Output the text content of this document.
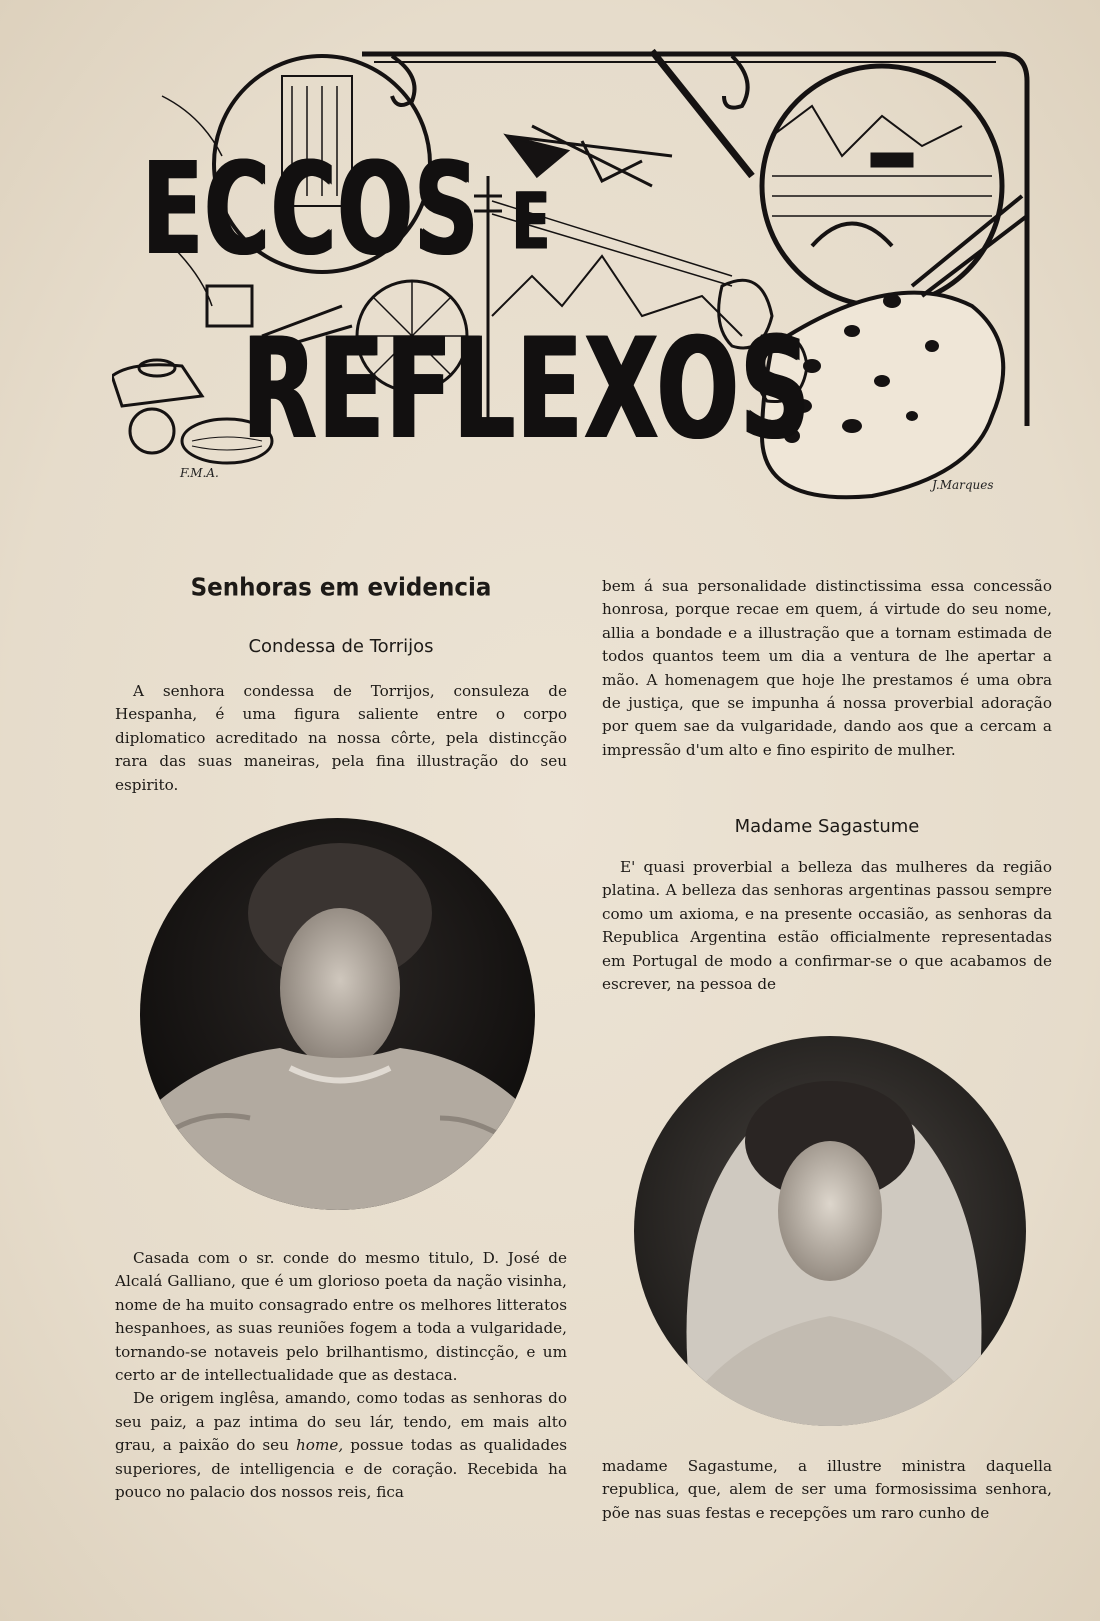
ECCOS E
REFLEXOS
F.M.A.
J.Marques
Senhoras em evidencia
Condessa de Torrijos

A senhora condessa de Torrijos, consuleza de Hespanha, é uma figura saliente entre o corpo diplomatico acreditado na nossa côrte, pela distincção rara das suas maneiras, pela fina illustração do seu espirito.

Casada com o sr. conde do mesmo titulo, D. José de Alcalá Galliano, que é um glorioso poeta da nação visinha, nome de ha muito consagrado entre os melhores litteratos hespanhoes, as suas reuniões fogem a toda a vulgaridade, tornando-se notaveis pelo brilhantismo, distincção, e um certo ar de intellectualidade que as destaca.

De origem inglêsa, amando, como todas as senhoras do seu paiz, a paz intima do seu lár, tendo, em mais alto grau, a paixão do seu home, possue todas as qualidades superiores, de intelligencia e de coração. Recebida ha pouco no palacio dos nossos reis, fica

bem á sua personalidade distinctissima essa concessão honrosa, porque recae em quem, á virtude do seu nome, allia a bondade e a illustração que a tornam estimada de todos quantos teem um dia a ventura de lhe apertar a mão. A homenagem que hoje lhe prestamos é uma obra de justiça, que se impunha á nossa proverbial adoração por quem sae da vulgaridade, dando aos que a cercam a impressão d'um alto e fino espirito de mulher.

Madame Sagastume

E' quasi proverbial a belleza das mulheres da região platina. A belleza das senhoras argentinas passou sempre como um axioma, e na presente occasião, as senhoras da Republica Argentina estão officialmente representadas em Portugal de modo a confirmar-se o que acabamos de escrever, na pessoa de

madame Sagastume, a illustre ministra daquella republica, que, alem de ser uma formosissima senhora, põe nas suas festas e recepções um raro cunho de
